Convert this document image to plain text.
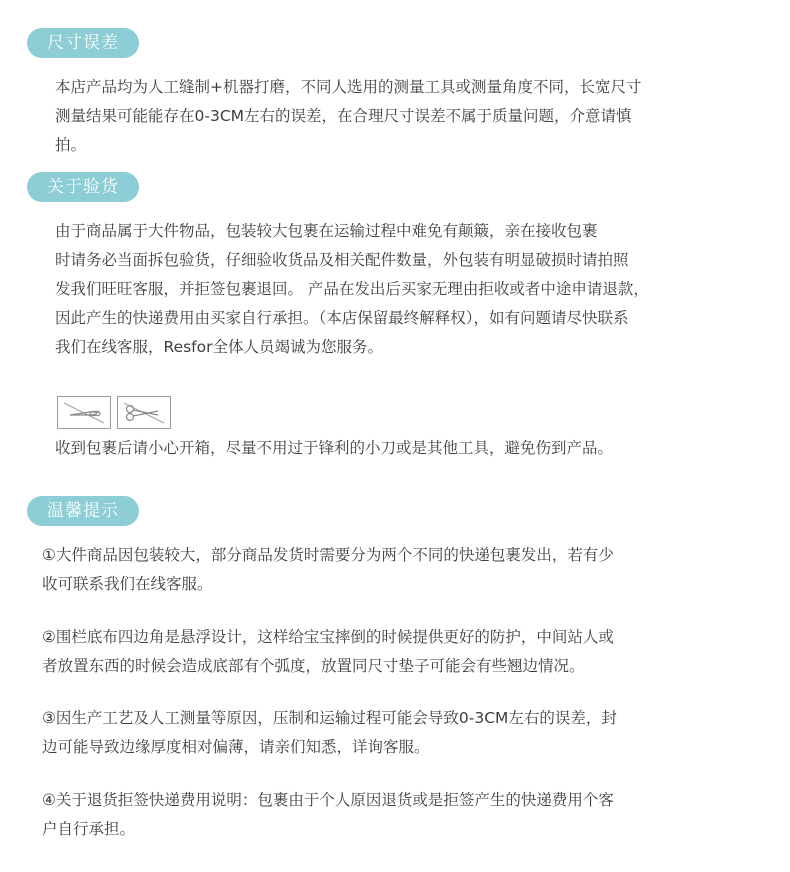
尺寸误差
本店产品均为人工缝制+机器打磨，不同人选用的测量工具或测量角度不同，长宽尺寸
测量结果可能能存在0-3CM左右的误差，在合理尺寸误差不属于质量问题，介意请慎
拍。
关于验货
由于商品属于大件物品，包装较大包裹在运输过程中难免有颠簸，亲在接收包裹
时请务必当面拆包验货，仔细验收货品及相关配件数量，外包装有明显破损时请拍照
发我们旺旺客服，并拒签包裹退回。 产品在发出后买家无理由拒收或者中途申请退款，
因此产生的快递费用由买家自行承担。（本店保留最终解释权），如有问题请尽快联系
我们在线客服，Resfor全体人员竭诚为您服务。
收到包裹后请小心开箱，尽量不用过于锋利的小刀或是其他工具，避免伤到产品。
温馨提示
①大件商品因包装较大，部分商品发货时需要分为两个不同的快递包裹发出，若有少
收可联系我们在线客服。
②围栏底布四边角是悬浮设计，这样给宝宝摔倒的时候提供更好的防护，中间站人或
者放置东西的时候会造成底部有个弧度，放置同尺寸垫子可能会有些翘边情况。
③因生产工艺及人工测量等原因，压制和运输过程可能会导致0-3CM左右的误差，封
边可能导致边缘厚度相对偏薄，请亲们知悉，详询客服。
④关于退货拒签快递费用说明：包裹由于个人原因退货或是拒签产生的快递费用个客
户自行承担。
